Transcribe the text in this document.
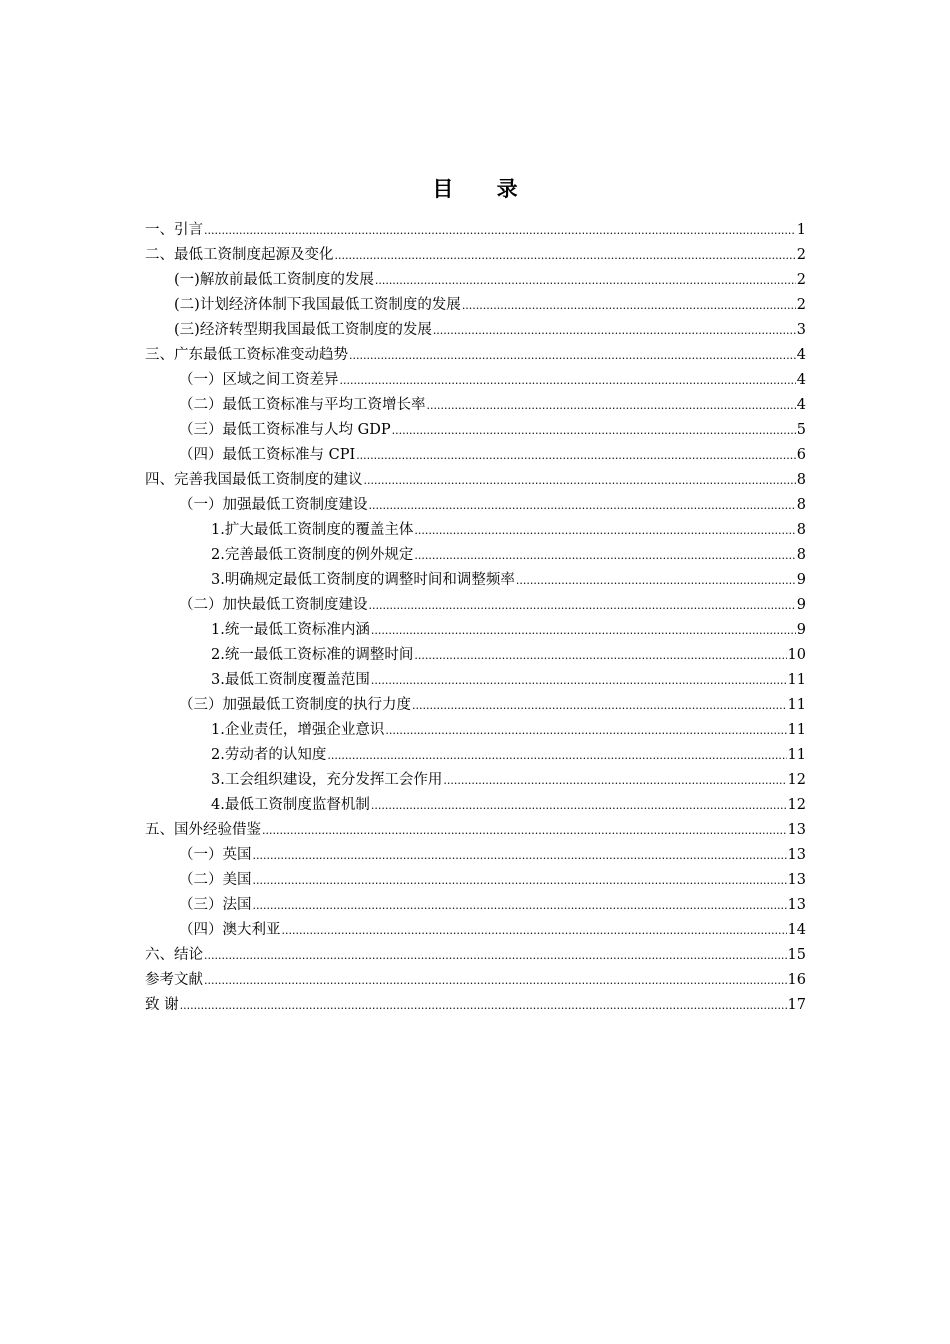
目 录
一、引言 .....	1
二、最低工资制度起源及变化 .....	2
(一)解放前最低工资制度的发展 .....	2
(二)计划经济体制下我国最低工资制度的发展 .....	2
(三)经济转型期我国最低工资制度的发展 .....	3
三、广东最低工资标准变动趋势 .....	4
（一）区域之间工资差异 .....	4
（二）最低工资标准与平均工资增长率 .....	4
（三）最低工资标准与人均 GDP .....	5
（四）最低工资标准与 CPI .....	6
四、完善我国最低工资制度的建议 .....	8
（一）加强最低工资制度建设 .....	8
1.扩大最低工资制度的覆盖主体 .....	8
2.完善最低工资制度的例外规定 .....	8
3.明确规定最低工资制度的调整时间和调整频率 .....	9
（二）加快最低工资制度建设 .....	9
1.统一最低工资标准内涵 .....	9
2.统一最低工资标准的调整时间 .....	10
3.最低工资制度覆盖范围 .....	11
（三）加强最低工资制度的执行力度 .....	11
1.企业责任，增强企业意识 .....	11
2.劳动者的认知度 .....	11
3.工会组织建设，充分发挥工会作用 .....	12
4.最低工资制度监督机制 .....	12
五、国外经验借鉴 .....	13
（一）英国 .....	13
（二）美国 .....	13
（三）法国 .....	13
（四）澳大利亚 .....	14
六、结论 .....	15
参考文献 .....	16
致 谢 .....	17
